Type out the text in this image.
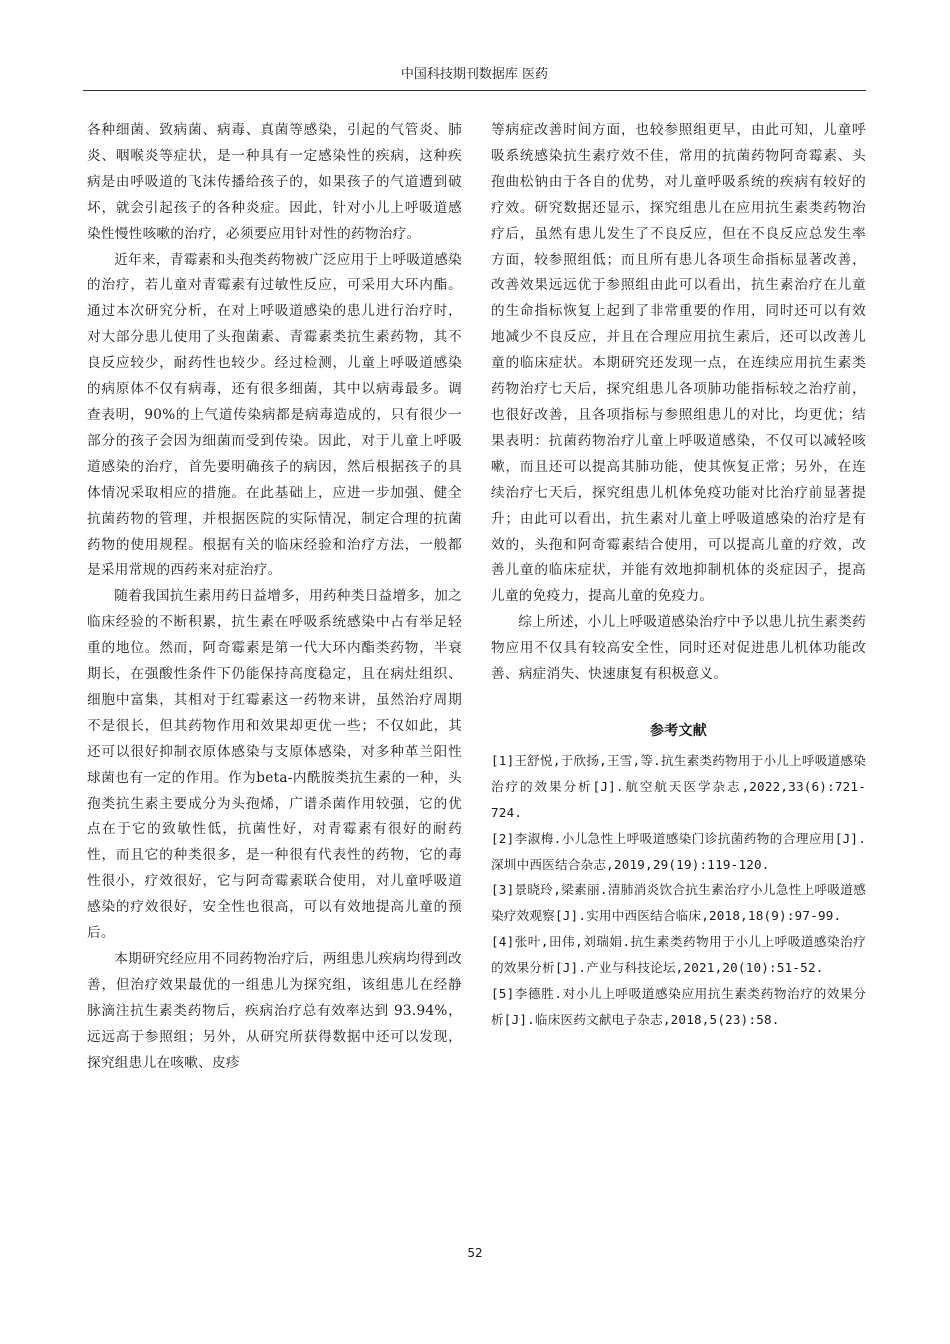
中国科技期刊数据库 医药

各种细菌、致病菌、病毒、真菌等感染，引起的气管炎、肺炎、咽喉炎等症状，是一种具有一定感染性的疾病，这种疾病是由呼吸道的飞沫传播给孩子的，如果孩子的气道遭到破坏，就会引起孩子的各种炎症。因此，针对小儿上呼吸道感染性慢性咳嗽的治疗，必须要应用针对性的药物治疗。

近年来，青霉素和头孢类药物被广泛应用于上呼吸道感染的治疗，若儿童对青霉素有过敏性反应，可采用大环内酯。通过本次研究分析，在对上呼吸道感染的患儿进行治疗时，对大部分患儿使用了头孢菌素、青霉素类抗生素药物，其不良反应较少，耐药性也较少。经过检测，儿童上呼吸道感染的病原体不仅有病毒，还有很多细菌，其中以病毒最多。调查表明，90%的上气道传染病都是病毒造成的，只有很少一部分的孩子会因为细菌而受到传染。因此，对于儿童上呼吸道感染的治疗，首先要明确孩子的病因，然后根据孩子的具体情况采取相应的措施。在此基础上，应进一步加强、健全抗菌药物的管理，并根据医院的实际情况，制定合理的抗菌药物的使用规程。根据有关的临床经验和治疗方法，一般都是采用常规的西药来对症治疗。

随着我国抗生素用药日益增多，用药种类日益增多，加之临床经验的不断积累，抗生素在呼吸系统感染中占有举足轻重的地位。然而，阿奇霉素是第一代大环内酯类药物，半衰期长，在强酸性条件下仍能保持高度稳定，且在病灶组织、细胞中富集，其相对于红霉素这一药物来讲，虽然治疗周期不是很长，但其药物作用和效果却更优一些；不仅如此，其还可以很好抑制衣原体感染与支原体感染，对多种革兰阳性球菌也有一定的作用。作为beta-内酰胺类抗生素的一种，头孢类抗生素主要成分为头孢烯，广谱杀菌作用较强，它的优点在于它的致敏性低，抗菌性好，对青霉素有很好的耐药性，而且它的种类很多，是一种很有代表性的药物，它的毒性很小，疗效很好，它与阿奇霉素联合使用，对儿童呼吸道感染的疗效很好，安全性也很高，可以有效地提高儿童的预后。

本期研究经应用不同药物治疗后，两组患儿疾病均得到改善，但治疗效果最优的一组患儿为探究组，该组患儿在经静脉滴注抗生素类药物后，疾病治疗总有效率达到 93.94%，远远高于参照组；另外，从研究所获得数据中还可以发现，探究组患儿在咳嗽、皮疹

等病症改善时间方面，也较参照组更早，由此可知，儿童呼吸系统感染抗生素疗效不佳，常用的抗菌药物阿奇霉素、头孢曲松钠由于各自的优势，对儿童呼吸系统的疾病有较好的疗效。研究数据还显示，探究组患儿在应用抗生素类药物治疗后，虽然有患儿发生了不良反应，但在不良反应总发生率方面，较参照组低；而且所有患儿各项生命指标显著改善，改善效果远远优于参照组由此可以看出，抗生素治疗在儿童的生命指标恢复上起到了非常重要的作用，同时还可以有效地减少不良反应，并且在合理应用抗生素后，还可以改善儿童的临床症状。本期研究还发现一点，在连续应用抗生素类药物治疗七天后，探究组患儿各项肺功能指标较之治疗前，也很好改善，且各项指标与参照组患儿的对比，均更优；结果表明：抗菌药物治疗儿童上呼吸道感染，不仅可以减轻咳嗽，而且还可以提高其肺功能，使其恢复正常；另外，在连续治疗七天后，探究组患儿机体免疫功能对比治疗前显著提升；由此可以看出，抗生素对儿童上呼吸道感染的治疗是有效的，头孢和阿奇霉素结合使用，可以提高儿童的疗效，改善儿童的临床症状，并能有效地抑制机体的炎症因子，提高儿童的免疫力，提高儿童的免疫力。

综上所述，小儿上呼吸道感染治疗中予以患儿抗生素类药物应用不仅具有较高安全性，同时还对促进患儿机体功能改善、病症消失、快速康复有积极意义。

参考文献

[1]王舒悦,于欣扬,王雪,等.抗生素类药物用于小儿上呼吸道感染治疗的效果分析[J].航空航天医学杂志,2022,33(6):721-724.

[2]李淑梅.小儿急性上呼吸道感染门诊抗菌药物的合理应用[J].深圳中西医结合杂志,2019,29(19):119-120.

[3]景晓玲,梁素丽.清肺消炎饮合抗生素治疗小儿急性上呼吸道感染疗效观察[J].实用中西医结合临床,2018,18(9):97-99.

[4]张叶,田伟,刘瑞娟.抗生素类药物用于小儿上呼吸道感染治疗的效果分析[J].产业与科技论坛,2021,20(10):51-52.

[5]李德胜.对小儿上呼吸道感染应用抗生素类药物治疗的效果分析[J].临床医药文献电子杂志,2018,5(23):58.

52
